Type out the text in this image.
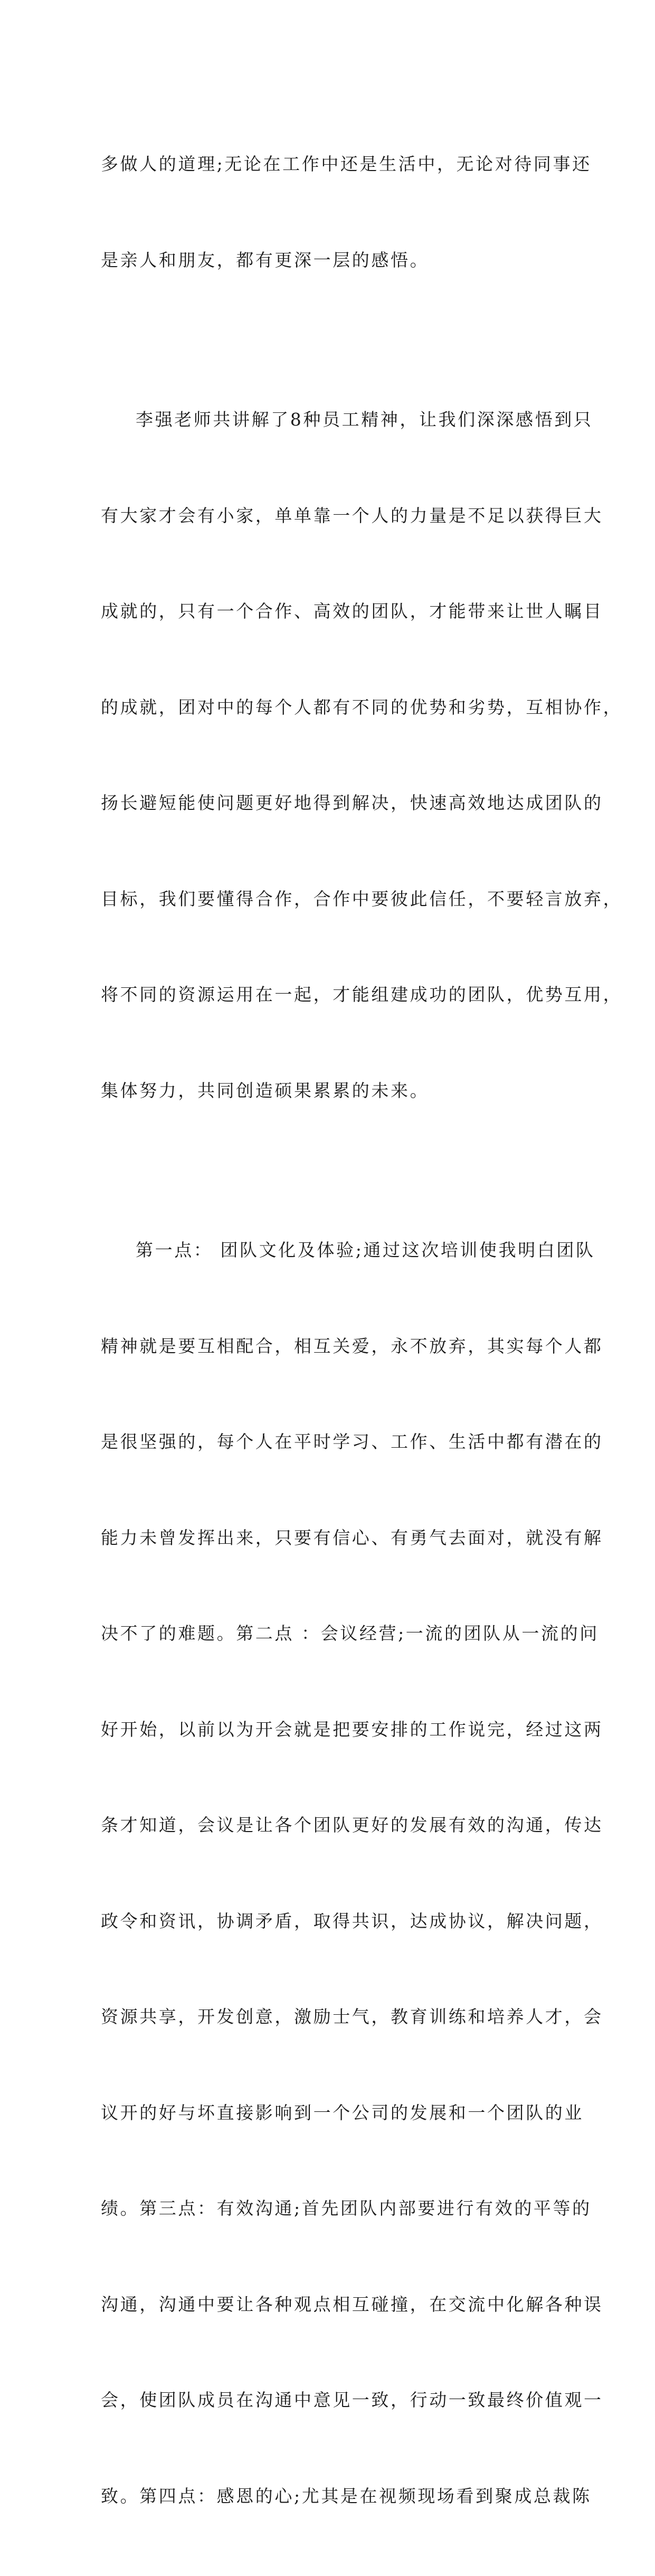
多做人的道理;无论在工作中还是生活中，无论对待同事还

是亲人和朋友，都有更深一层的感悟。

李强老师共讲解了8种员工精神，让我们深深感悟到只

有大家才会有小家，单单靠一个人的力量是不足以获得巨大

成就的，只有一个合作、高效的团队，才能带来让世人瞩目

的成就，团对中的每个人都有不同的优势和劣势，互相协作，

扬长避短能使问题更好地得到解决，快速高效地达成团队的

目标，我们要懂得合作，合作中要彼此信任，不要轻言放弃，

将不同的资源运用在一起，才能组建成功的团队，优势互用，

集体努力，共同创造硕果累累的未来。

第一点： 团队文化及体验;通过这次培训使我明白团队

精神就是要互相配合，相互关爱，永不放弃，其实每个人都

是很坚强的，每个人在平时学习、工作、生活中都有潜在的

能力未曾发挥出来，只要有信心、有勇气去面对，就没有解

决不了的难题。第二点 ：会议经营;一流的团队从一流的问

好开始，以前以为开会就是把要安排的工作说完，经过这两

条才知道，会议是让各个团队更好的发展有效的沟通，传达

政令和资讯，协调矛盾，取得共识，达成协议，解决问题，

资源共享，开发创意，激励士气，教育训练和培养人才，会

议开的好与坏直接影响到一个公司的发展和一个团队的业

绩。第三点：有效沟通;首先团队内部要进行有效的平等的

沟通，沟通中要让各种观点相互碰撞，在交流中化解各种误

会，使团队成员在沟通中意见一致，行动一致最终价值观一

致。第四点：感恩的心;尤其是在视频现场看到聚成总裁陈
